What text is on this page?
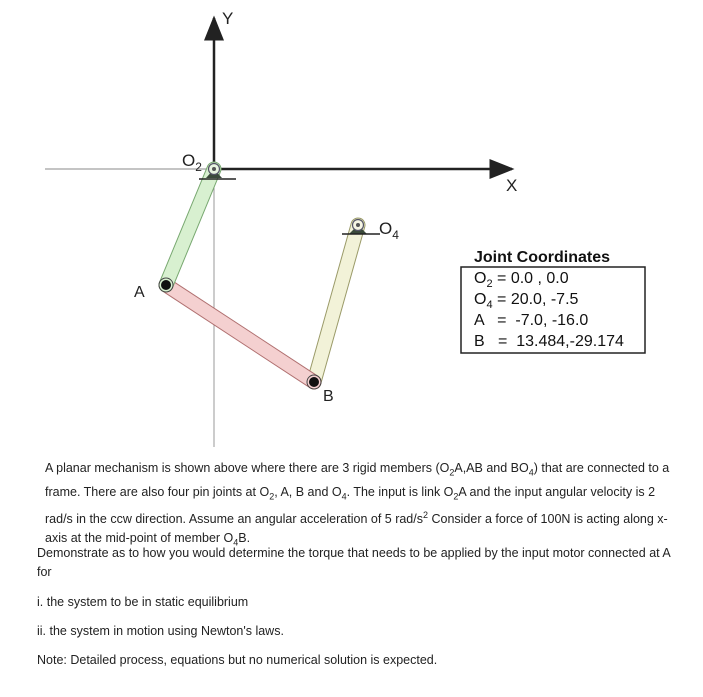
Y
X
$O_2$
$O_4$
A
B
Joint Coordinates
$O_2 = 0.0$ , 0.0
$O_4 = 20.0$, -7.5
A   =  -7.0, -16.0
B   =  13.484,-29.174
A planar mechanism is shown above where there are 3 rigid members ($O_2A,AB$ and $BO_4$) that are connected to a frame. There are also four pin joints at $O_2$, A, B and $O_4$. The input is link $O_2A$ and the input angular velocity is 2 rad/s in the ccw direction. Assume an angular acceleration of 5 rad/$s^2$ Consider a force of 100N is acting along x-axis at the mid-point of member $O_4B$.
Demonstrate as to how you would determine the torque that needs to be applied by the input motor connected at A for
i. the system to be in static equilibrium
ii. the system in motion using Newton's laws.
Note: Detailed process, equations but no numerical solution is expected.
